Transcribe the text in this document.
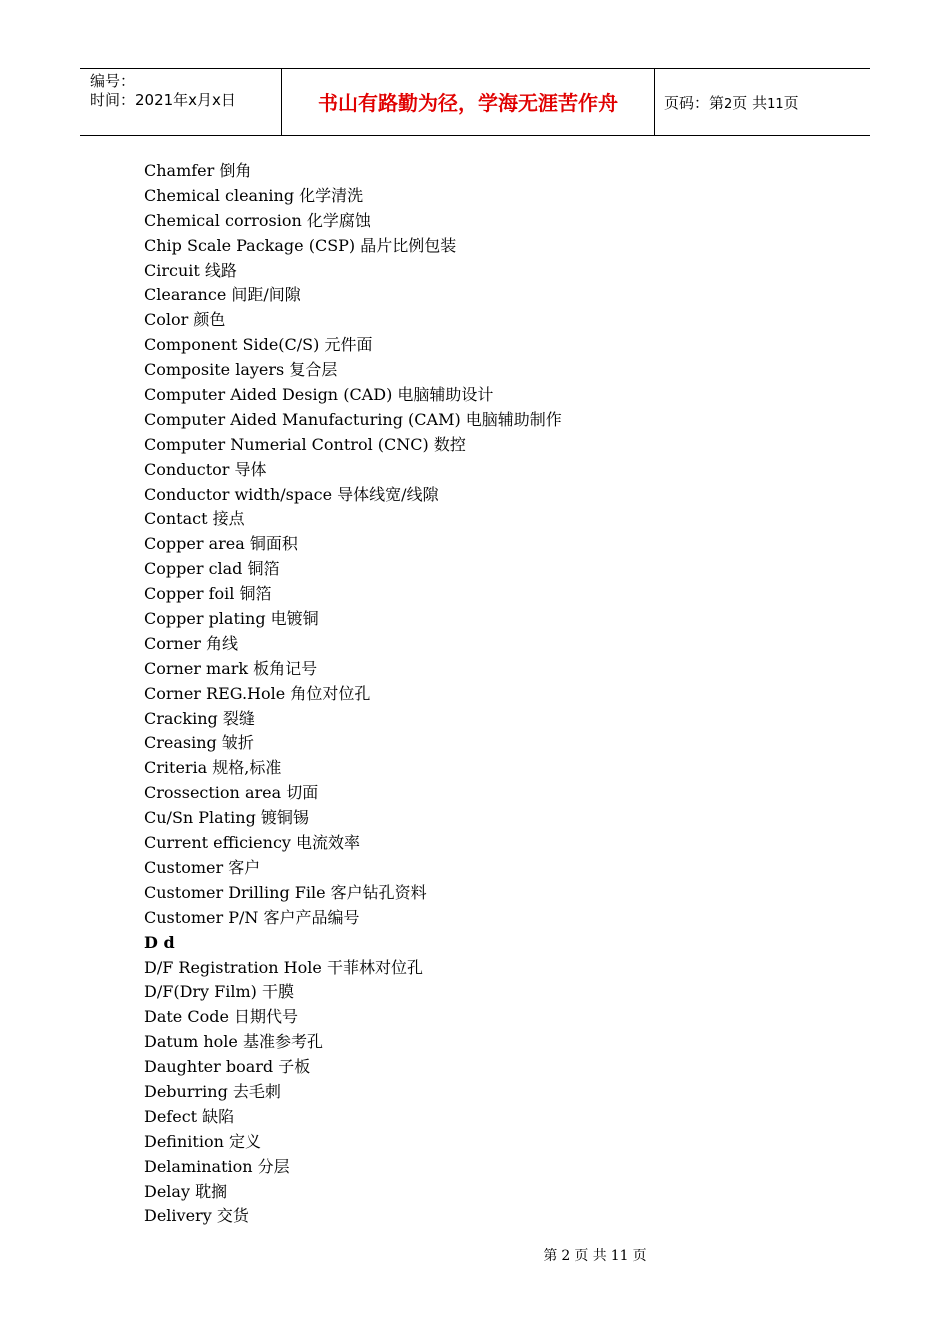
编号：
时间：2021年x月x日	书山有路勤为径，学海无涯苦作舟	页码：第2页 共11页
Chamfer 倒角
Chemical cleaning 化学清洗
Chemical corrosion 化学腐蚀
Chip Scale Package (CSP) 晶片比例包装
Circuit 线路
Clearance 间距/间隙
Color 颜色
Component Side(C/S) 元件面
Composite layers 复合层
Computer Aided Design (CAD) 电脑辅助设计
Computer Aided Manufacturing (CAM) 电脑辅助制作
Computer Numerial Control (CNC) 数控
Conductor 导体
Conductor width/space 导体线宽/线隙
Contact 接点
Copper area 铜面积
Copper clad 铜箔
Copper foil 铜箔
Copper plating 电镀铜
Corner 角线
Corner mark 板角记号
Corner REG.Hole 角位对位孔
Cracking 裂缝
Creasing 皱折
Criteria 规格,标准
Crossection area 切面
Cu/Sn Plating 镀铜锡
Current efficiency 电流效率
Customer 客户
Customer Drilling File 客户钻孔资料
Customer P/N 客户产品编号
D d
D/F Registration Hole 干菲林对位孔
D/F(Dry Film) 干膜
Date Code 日期代号
Datum hole 基准参考孔
Daughter board 子板
Deburring 去毛刺
Defect 缺陷
Definition 定义
Delamination 分层
Delay 耽搁
Delivery 交货
第 2 页 共 11 页
